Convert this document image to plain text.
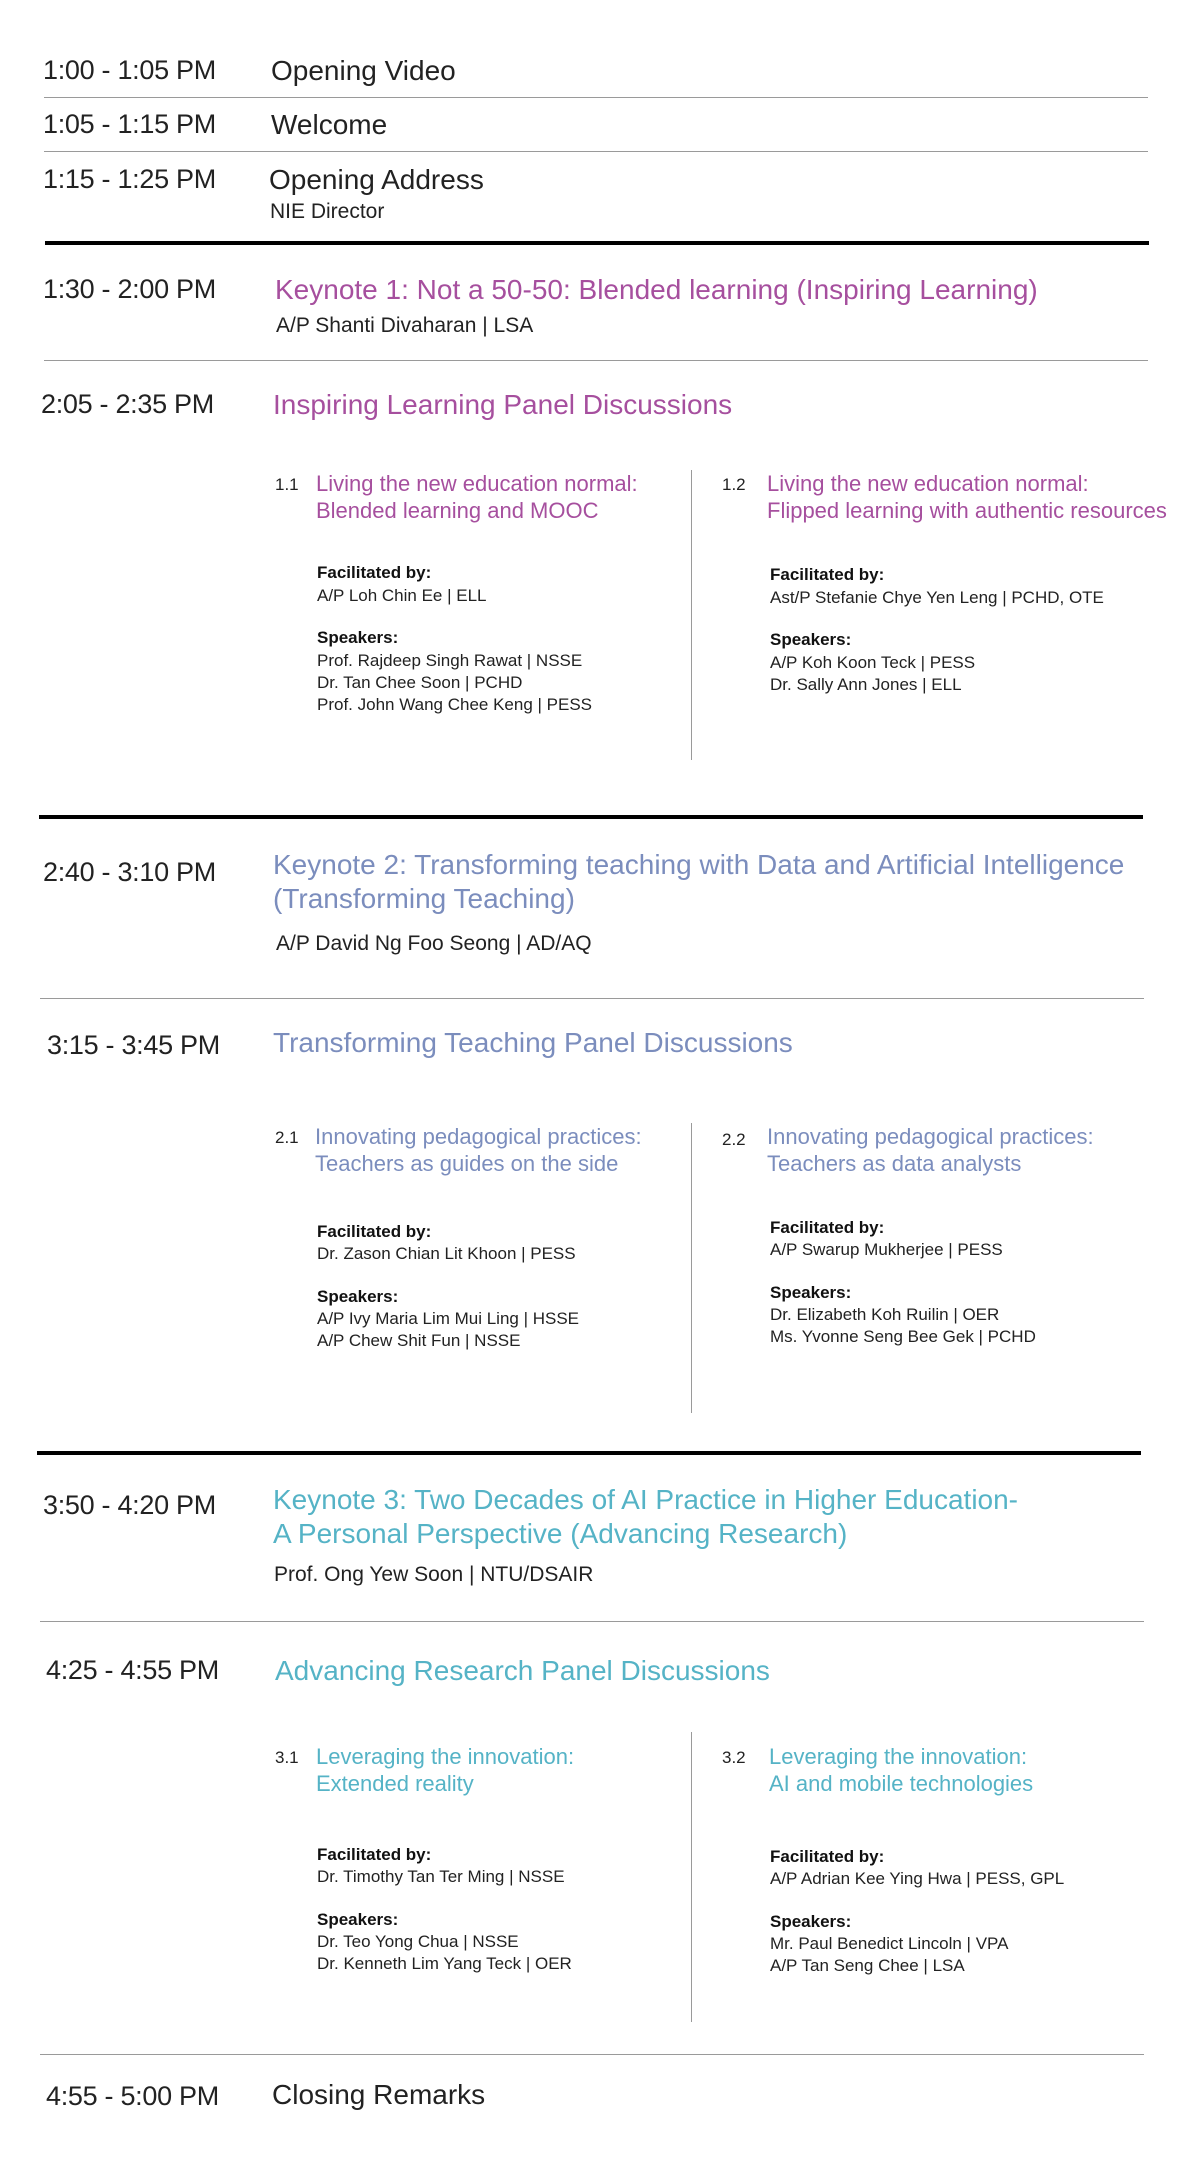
1:00 - 1:05 PM Opening Video
1:05 - 1:15 PM Welcome
1:15 - 1:25 PM Opening Address
NIE Director
1:30 - 2:00 PM Keynote 1: Not a 50-50: Blended learning (Inspiring Learning)
A/P Shanti Divaharan | LSA
2:05 - 2:35 PM Inspiring Learning Panel Discussions
1.1 Living the new education normal:
Blended learning and MOOC
Facilitated by:
A/P Loh Chin Ee | ELL
Speakers:
Prof. Rajdeep Singh Rawat | NSSE
Dr. Tan Chee Soon | PCHD
Prof. John Wang Chee Keng | PESS
1.2 Living the new education normal:
Flipped learning with authentic resources
Facilitated by:
Ast/P Stefanie Chye Yen Leng | PCHD, OTE
Speakers:
A/P Koh Koon Teck | PESS
Dr. Sally Ann Jones | ELL
2:40 - 3:10 PM Keynote 2: Transforming teaching with Data and Artificial Intelligence
(Transforming Teaching)
A/P David Ng Foo Seong | AD/AQ
3:15 - 3:45 PM Transforming Teaching Panel Discussions
2.1 Innovating pedagogical practices:
Teachers as guides on the side
Facilitated by:
Dr. Zason Chian Lit Khoon | PESS
Speakers:
A/P Ivy Maria Lim Mui Ling | HSSE
A/P Chew Shit Fun | NSSE
2.2 Innovating pedagogical practices:
Teachers as data analysts
Facilitated by:
A/P Swarup Mukherjee | PESS
Speakers:
Dr. Elizabeth Koh Ruilin | OER
Ms. Yvonne Seng Bee Gek | PCHD
3:50 - 4:20 PM Keynote 3: Two Decades of AI Practice in Higher Education-
A Personal Perspective (Advancing Research)
Prof. Ong Yew Soon | NTU/DSAIR
4:25 - 4:55 PM Advancing Research Panel Discussions
3.1 Leveraging the innovation:
Extended reality
Facilitated by:
Dr. Timothy Tan Ter Ming | NSSE
Speakers:
Dr. Teo Yong Chua | NSSE
Dr. Kenneth Lim Yang Teck | OER
3.2 Leveraging the innovation:
AI and mobile technologies
Facilitated by:
A/P Adrian Kee Ying Hwa | PESS, GPL
Speakers:
Mr. Paul Benedict Lincoln | VPA
A/P Tan Seng Chee | LSA
4:55 - 5:00 PM Closing Remarks
